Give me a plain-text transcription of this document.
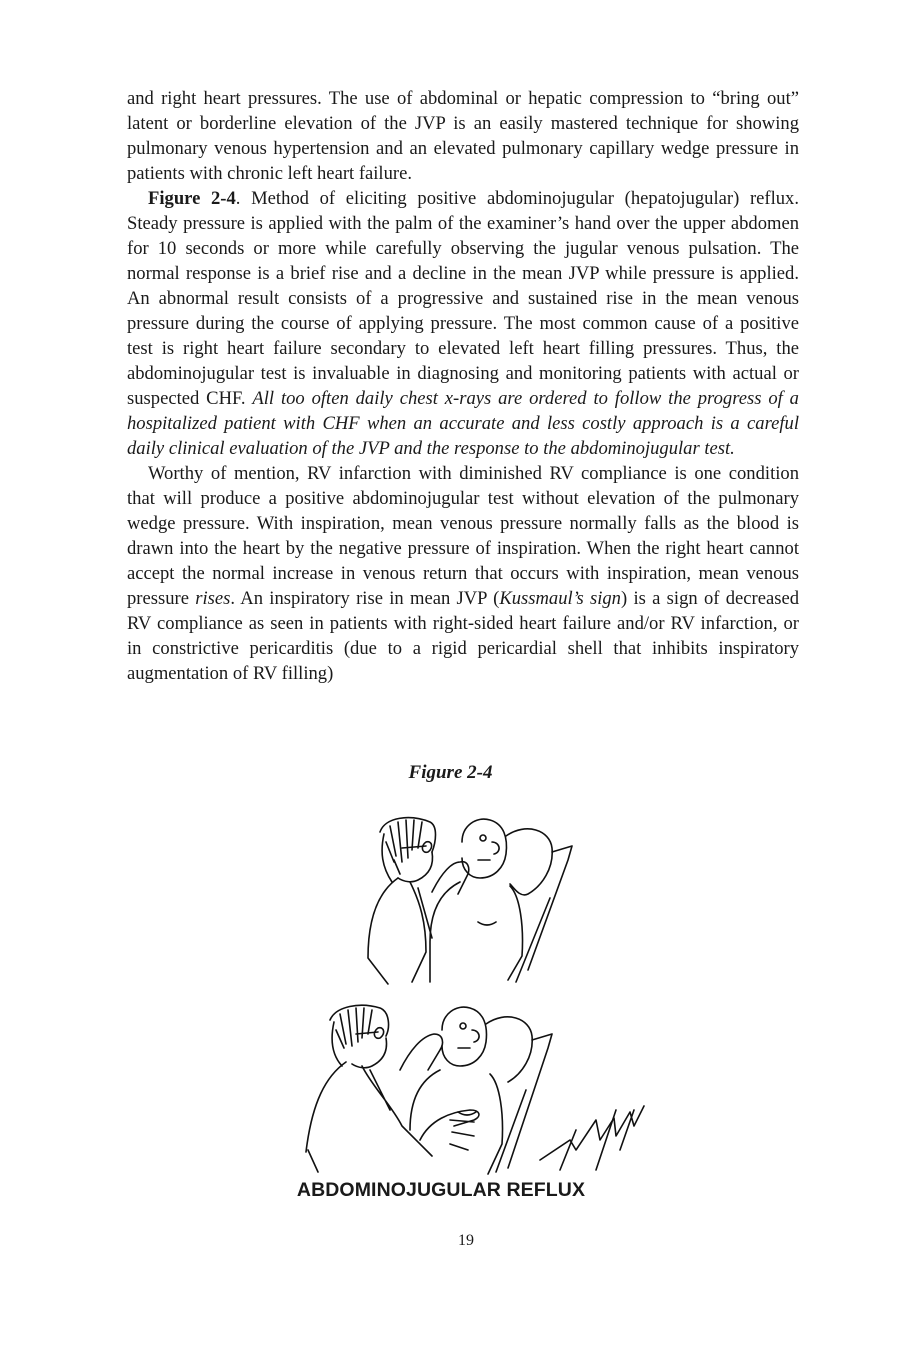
and right heart pressures. The use of abdominal or hepatic compression to “bring out” latent or borderline elevation of the JVP is an easily mastered technique for showing pulmonary venous hypertension and an elevated pulmonary capillary wedge pressure in patients with chronic left heart failure.

Figure 2-4. Method of eliciting positive abdominojugular (hepatojugular) reflux. Steady pressure is applied with the palm of the examiner’s hand over the upper abdomen for 10 seconds or more while carefully observing the jugular venous pulsation. The normal response is a brief rise and a decline in the mean JVP while pressure is applied. An abnormal result consists of a progressive and sustained rise in the mean venous pressure during the course of applying pressure. The most common cause of a positive test is right heart failure secondary to elevated left heart filling pressures. Thus, the abdominojugular test is invaluable in diagnosing and monitoring patients with actual or suspected CHF. All too often daily chest x-rays are ordered to follow the progress of a hospitalized patient with CHF when an accurate and less costly approach is a careful daily clinical evaluation of the JVP and the response to the abdominojugular test.

Worthy of mention, RV infarction with diminished RV compliance is one condition that will produce a positive abdominojugular test without elevation of the pulmonary wedge pressure. With inspiration, mean venous pressure normally falls as the blood is drawn into the heart by the negative pressure of inspiration. When the right heart cannot accept the normal increase in venous return that occurs with inspiration, mean venous pressure rises. An inspiratory rise in mean JVP (Kussmaul’s sign) is a sign of decreased RV compliance as seen in patients with right-sided heart failure and/or RV infarction, or in constrictive pericarditis (due to a rigid pericardial shell that inhibits inspiratory augmentation of RV filling)

Figure 2-4
ABDOMINOJUGULAR REFLUX
19
